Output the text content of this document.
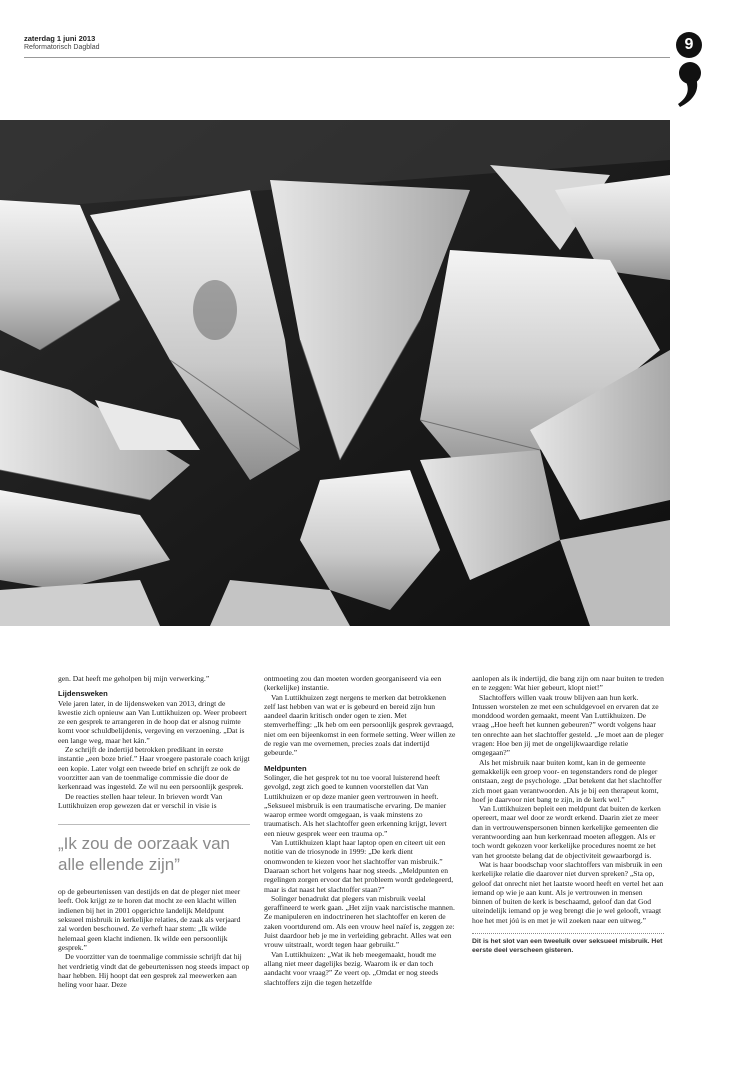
zaterdag 1 juni 2013
Reformatorisch Dagblad	9

gen. Dat heeft me geholpen bij mijn verwerking.”

Lijdensweken

Vele jaren later, in de lijdensweken van 2013, dringt de kwestie zich opnieuw aan Van Luttikhuizen op. Weer probeert ze een gesprek te arrangeren in de hoop dat er alsnog ruimte komt voor schuldbelijdenis, vergeving en verzoening. „Dat is een lange weg, maar het kán.”

Ze schrijft de indertijd betrokken predikant in eerste instantie „een boze brief.” Haar vroegere pastorale coach krijgt een kopie. Later volgt een tweede brief en schrijft ze ook de voorzitter aan van de toenmalige commissie die door de kerkenraad was ingesteld. Ze wil nu een persoonlijk gesprek.

De reacties stellen haar teleur. In brieven wordt Van Luttikhuizen erop gewezen dat er verschil in visie is

„Ik zou de oorzaak van alle ellende zijn”

op de gebeurtenissen van destijds en dat de pleger niet meer leeft. Ook krijgt ze te horen dat mocht ze een klacht willen indienen bij het in 2001 opgerichte landelijk Meldpunt seksueel misbruik in kerkelijke relaties, de zaak als verjaard zal worden beschouwd. Ze verheft haar stem: „Ik wilde helemaal geen klacht indienen. Ik wilde een persoonlijk gesprek.”

De voorzitter van de toenmalige commissie schrijft dat hij het verdrietig vindt dat de gebeurtenissen nog steeds impact op haar hebben. Hij hoopt dat een gesprek zal meewerken aan heling voor haar. Deze

ontmoeting zou dan moeten worden georganiseerd via een (kerkelijke) instantie.

Van Luttikhuizen zegt nergens te merken dat betrokkenen zelf last hebben van wat er is gebeurd en bereid zijn hun aandeel daarin kritisch onder ogen te zien. Met stemverheffing: „Ik heb om een persoonlijk gesprek gevraagd, niet om een bijeenkomst in een formele setting. Weer willen ze de regie van me overnemen, precies zoals dat indertijd gebeurde.”

Meldpunten

Solinger, die het gesprek tot nu toe vooral luisterend heeft gevolgd, zegt zich goed te kunnen voorstellen dat Van Luttikhuizen er op deze manier geen vertrouwen in heeft. „Seksueel misbruik is een traumatische ervaring. De manier waarop ermee wordt omgegaan, is vaak minstens zo traumatisch. Als het slachtoffer geen erkenning krijgt, levert een nieuw gesprek weer een trauma op.”

Van Luttikhuizen klapt haar laptop open en citeert uit een notitie van de triosynode in 1999: „De kerk dient onomwonden te kiezen voor het slachtoffer van misbruik.” Daaraan schort het volgens haar nog steeds. „Meldpunten en regelingen zorgen ervoor dat het probleem wordt gedelegeerd, maar is dat naast het slachtoffer staan?”

Solinger benadrukt dat plegers van misbruik veelal geraffineerd te werk gaan. „Het zijn vaak narcistische mannen. Ze manipuleren en indoctrineren het slachtoffer en keren de zaken voortdurend om. Als een vrouw heel naïef is, zeggen ze: Juist daardoor heb je me in verleiding gebracht. Alles wat een vrouw uitstraalt, wordt tegen haar gebruikt.”

Van Luttikhuizen: „Wat ik heb meegemaakt, houdt me allang niet meer dagelijks bezig. Waarom ik er dan toch aandacht voor vraag?” Ze veert op. „Omdat er nog steeds slachtoffers zijn die tegen hetzelfde

aanlopen als ik indertijd, die bang zijn om naar buiten te treden en te zeggen: Wat hier gebeurt, klopt niet!”

Slachtoffers willen vaak trouw blijven aan hun kerk. Intussen worstelen ze met een schuldgevoel en ervaren dat ze monddood worden gemaakt, meent Van Luttikhuizen. De vraag „Hoe heeft het kunnen gebeuren?” wordt volgens haar ten onrechte aan het slachtoffer gesteld. „Je moet aan de pleger vragen: Hoe ben jij met de ongelijkwaardige relatie omgegaan?”

Als het misbruik naar buiten komt, kan in de gemeente gemakkelijk een groep voor- en tegenstanders rond de pleger ontstaan, zegt de psychologe. „Dat betekent dat het slachtoffer zich moet gaan verantwoorden. Als je bij een therapeut komt, hoef je daarvoor niet bang te zijn, in de kerk wel.”

Van Luttikhuizen bepleit een meldpunt dat buiten de kerken opereert, maar wel door ze wordt erkend. Daarin ziet ze meer dan in vertrouwenspersonen binnen kerkelijke gemeenten die verantwoording aan hun kerkenraad moeten afleggen. Als er toch wordt gekozen voor kerkelijke procedures noemt ze het van het grootste belang dat de objectiviteit gewaarborgd is.

Wat is haar boodschap voor slachtoffers van misbruik in een kerkelijke relatie die daarover niet durven spreken? „Sta op, geloof dat onrecht niet het laatste woord heeft en vertel het aan iemand op wie je aan kunt. Als je vertrouwen in mensen binnen of buiten de kerk is beschaamd, geloof dan dat God uiteindelijk iemand op je weg brengt die je wel gelooft, vraagt hoe het met jóú is en met je wil zoeken naar een uitweg.”

Dit is het slot van een tweeluik over seksueel misbruik. Het eerste deel verscheen gisteren.
